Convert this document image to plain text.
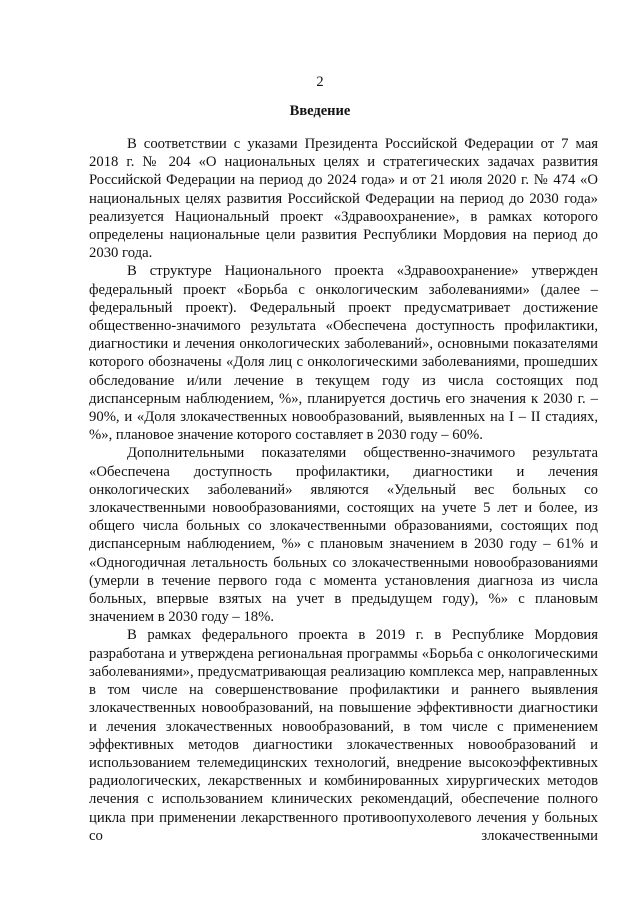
2
Введение

В соответствии с указами Президента Российской Федерации от 7 мая 2018 г. № 204 «О национальных целях и стратегических задачах развития Российской Федерации на период до 2024 года» и от 21 июля 2020 г. № 474 «О национальных целях развития Российской Федерации на период до 2030 года» реализуется Национальный проект «Здравоохранение», в рамках которого определены национальные цели развития Республики Мордовия на период до 2030 года.

В структуре Национального проекта «Здравоохранение» утвержден федеральный проект «Борьба с онкологическим заболеваниями» (далее – федеральный проект). Федеральный проект предусматривает достижение общественно-значимого результата «Обеспечена доступность профилактики, диагностики и лечения онкологических заболеваний», основными показателями которого обозначены «Доля лиц с онкологическими заболеваниями, прошедших обследование и/или лечение в текущем году из числа состоящих под диспансерным наблюдением, %», планируется достичь его значения к 2030 г. – 90%, и «Доля злокачественных новообразований, выявленных на I – II стадиях, %», плановое значение которого составляет в 2030 году – 60%.

Дополнительными показателями общественно-значимого результата «Обеспечена доступность профилактики, диагностики и лечения онкологических заболеваний» являются «Удельный вес больных со злокачественными новообразованиями, состоящих на учете 5 лет и более, из общего числа больных со злокачественными образованиями, состоящих под диспансерным наблюдением, %» с плановым значением в 2030 году – 61% и «Одногодичная летальность больных со злокачественными новообразованиями (умерли в течение первого года с момента установления диагноза из числа больных, впервые взятых на учет в предыдущем году), %» с плановым значением в 2030 году – 18%.

В рамках федерального проекта в 2019 г. в Республике Мордовия разработана и утверждена региональная программы «Борьба с онкологическими заболеваниями», предусматривающая реализацию комплекса мер, направленных в том числе на совершенствование профилактики и раннего выявления злокачественных новообразований, на повышение эффективности диагностики и лечения злокачественных новообразований, в том числе с применением эффективных методов диагностики злокачественных новообразований и использованием телемедицинских технологий, внедрение высокоэффективных радиологических, лекарственных и комбинированных хирургических методов лечения с использованием клинических рекомендаций, обеспечение полного цикла при применении лекарственного противоопухолевого лечения у больных со злокачественными
